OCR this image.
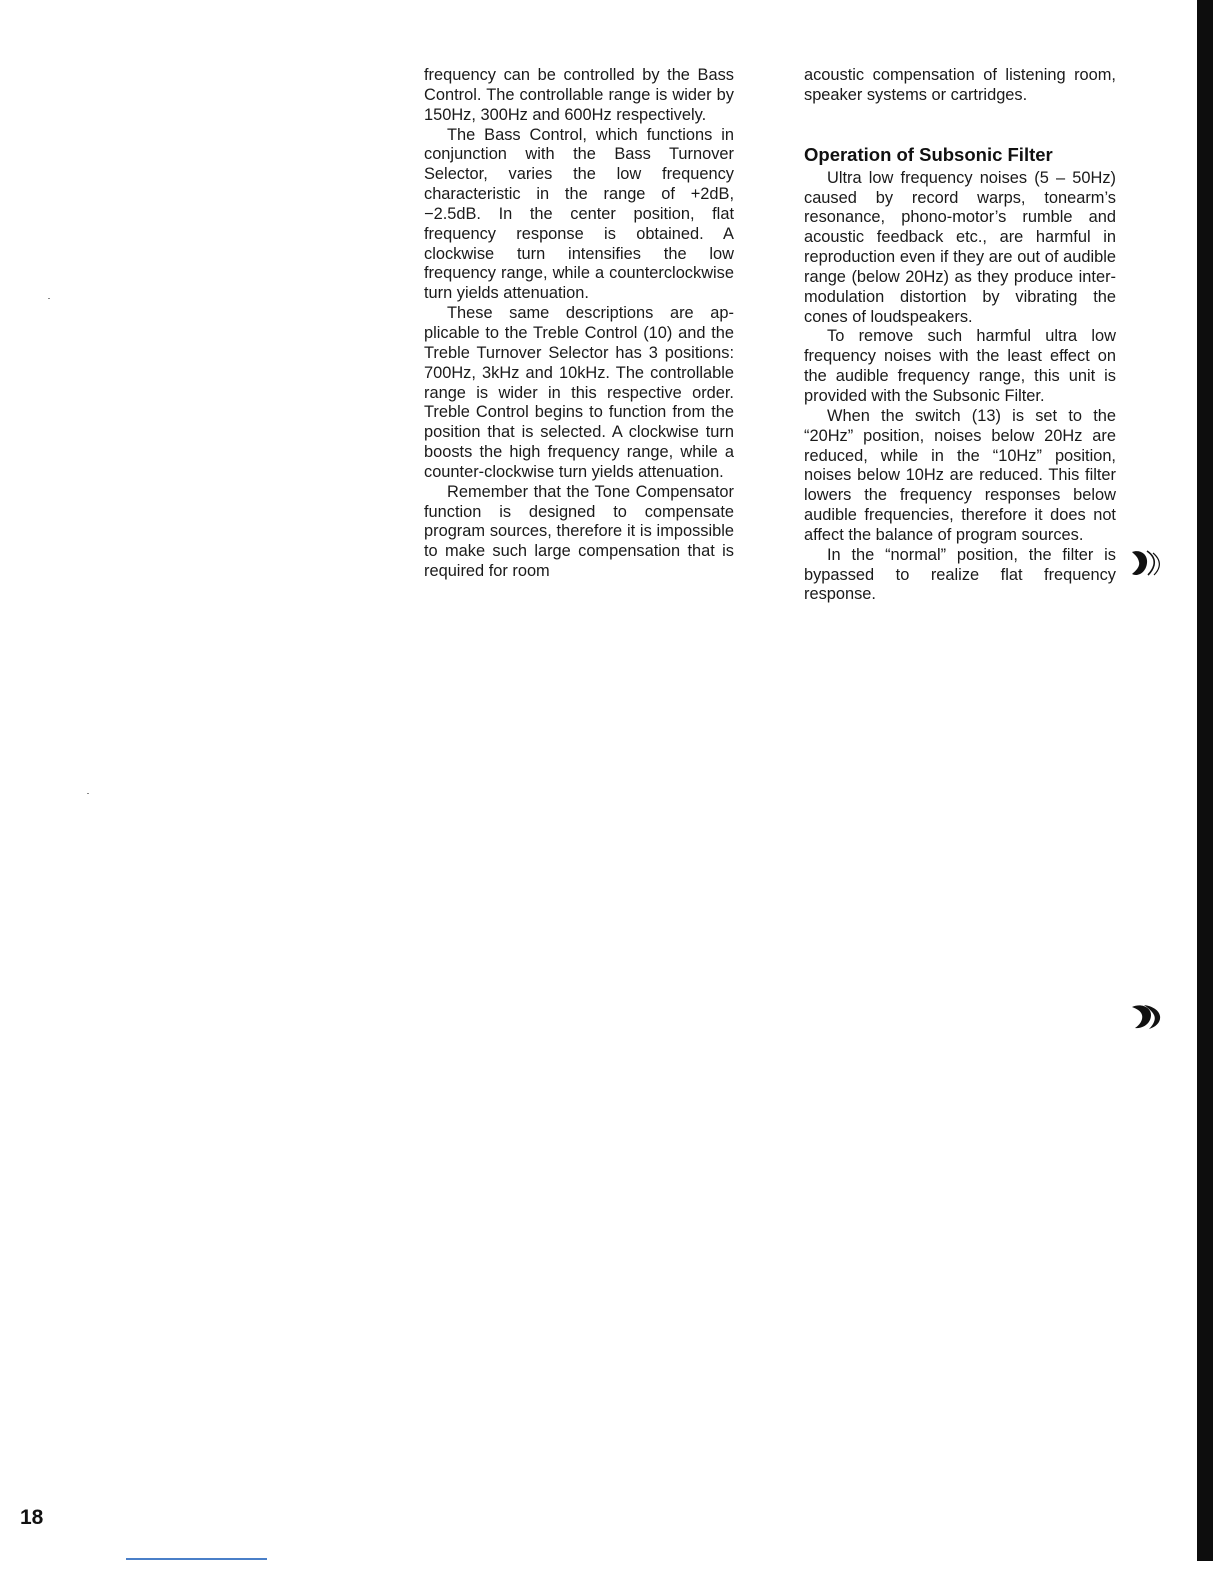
frequency can be controlled by the Bass Control. The controllable range is wider by 150Hz, 300Hz and 600Hz respectively.

The Bass Control, which functions in conjunction with the Bass Turnover Selector, varies the low frequency characteristic in the range of +2dB, −2.5dB. In the center position, flat frequency response is obtained. A clockwise turn intensifies the low frequency range, while a counterclockwise turn yields attenuation.

These same descriptions are applicable to the Treble Control (10) and the Treble Turnover Selector has 3 positions: 700Hz, 3kHz and 10kHz. The controllable range is wider in this respective order. Treble Control begins to function from the position that is selected. A clockwise turn boosts the high frequency range, while a counter-clockwise turn yields attenuation.

Remember that the Tone Compensator function is designed to compensate program sources, therefore it is impossible to make such large compensation that is required for room

acoustic compensation of listening room, speaker systems or cartridges.

Operation of Subsonic Filter

Ultra low frequency noises (5 – 50Hz) caused by record warps, tonearm’s resonance, phono-motor’s rumble and acoustic feedback etc., are harmful in reproduction even if they are out of audible range (below 20Hz) as they produce inter-modulation distortion by vibrating the cones of loudspeakers.

To remove such harmful ultra low frequency noises with the least effect on the audible frequency range, this unit is provided with the Subsonic Filter.

When the switch (13) is set to the “20Hz” position, noises below 20Hz are reduced, while in the “10Hz” position, noises below 10Hz are reduced. This filter lowers the frequency responses below audible frequencies, therefore it does not affect the balance of program sources.

In the “normal” position, the filter is bypassed to realize flat frequency response.

18
